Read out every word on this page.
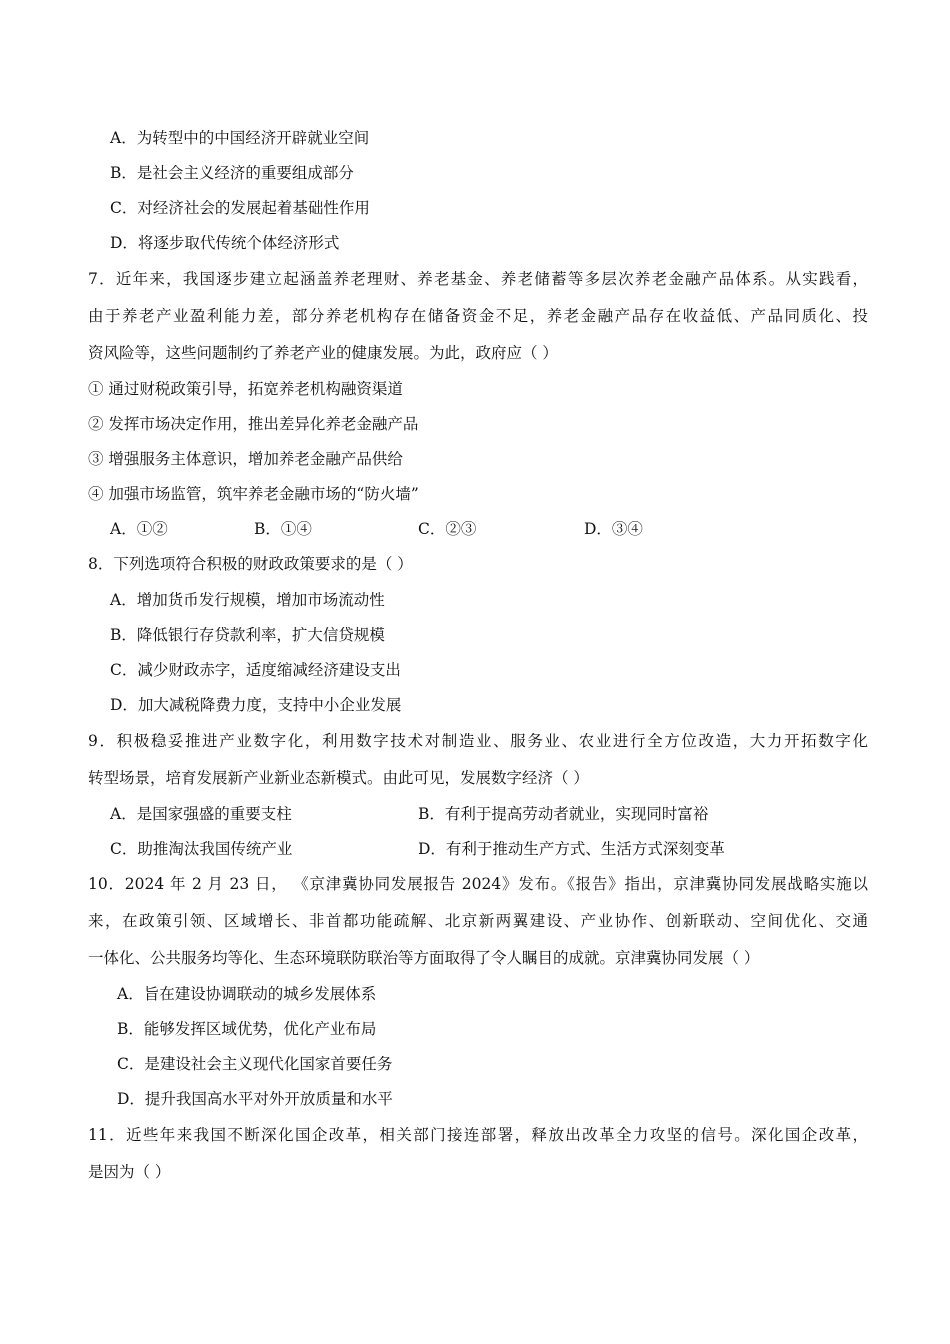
A．为转型中的中国经济开辟就业空间
B．是社会主义经济的重要组成部分
C．对经济社会的发展起着基础性作用
D．将逐步取代传统个体经济形式
7．近年来，我国逐步建立起涵盖养老理财、养老基金、养老储蓄等多层次养老金融产品体系。从实践看，
由于养老产业盈利能力差，部分养老机构存在储备资金不足，养老金融产品存在收益低、产品同质化、投
资风险等，这些问题制约了养老产业的健康发展。为此，政府应（ ）
① 通过财税政策引导，拓宽养老机构融资渠道
② 发挥市场决定作用，推出差异化养老金融产品
③ 增强服务主体意识，增加养老金融产品供给
④ 加强市场监管，筑牢养老金融市场的“防火墙”
A．①②	B．①④	C．②③	D．③④
8．下列选项符合积极的财政政策要求的是（ ）
A．增加货币发行规模，增加市场流动性
B．降低银行存贷款利率，扩大信贷规模
C．减少财政赤字，适度缩减经济建设支出
D．加大减税降费力度，支持中小企业发展
9．积极稳妥推进产业数字化，利用数字技术对制造业、服务业、农业进行全方位改造，大力开拓数字化
转型场景，培育发展新产业新业态新模式。由此可见，发展数字经济（ ）
A．是国家强盛的重要支柱	B．有利于提高劳动者就业，实现同时富裕
C．助推淘汰我国传统产业	D．有利于推动生产方式、生活方式深刻变革
10．2024 年 2 月 23 日， 《京津冀协同发展报告 2024》发布。《报告》指出，京津冀协同发展战略实施以
来，在政策引领、区域增长、非首都功能疏解、北京新两翼建设、产业协作、创新联动、空间优化、交通
一体化、公共服务均等化、生态环境联防联治等方面取得了令人瞩目的成就。京津冀协同发展（ ）
A．旨在建设协调联动的城乡发展体系
B．能够发挥区域优势，优化产业布局
C．是建设社会主义现代化国家首要任务
D．提升我国高水平对外开放质量和水平
11．近些年来我国不断深化国企改革，相关部门接连部署，释放出改革全力攻坚的信号。深化国企改革，
是因为（ ）
